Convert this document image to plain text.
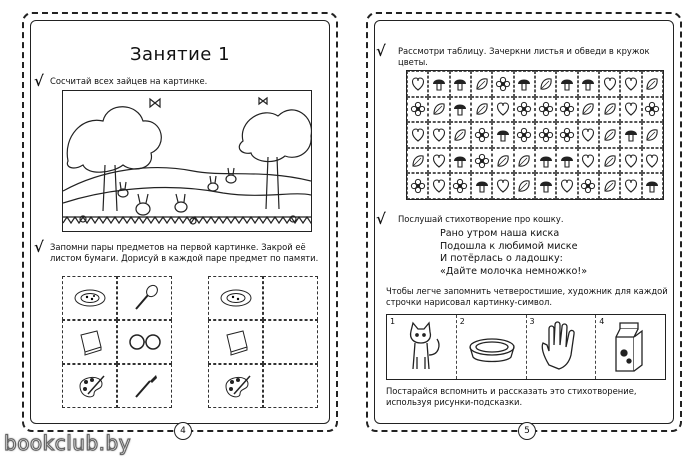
Занятие 1
√ Сосчитай всех зайцев на картинке.
√ Запомни пары предметов на первой картинке. Закрой её листом бумаги. Дорисуй в каждой паре предмет по памяти.
4
√ Рассмотри таблицу. Зачеркни листья и обведи в кружок цветы.
√ Послушай стихотворение про кошку.
Рано утром наша киска
Подошла к любимой миске
И потёрлась о ладошку:
«Дайте молочка немножко!»
Чтобы легче запомнить четверостишие, художник для каждой строчки нарисовал картинку-символ.
1	2	3	4
Постарайся вспомнить и рассказать это стихотворение, используя рисунки-подсказки.
5
bookclub.by
